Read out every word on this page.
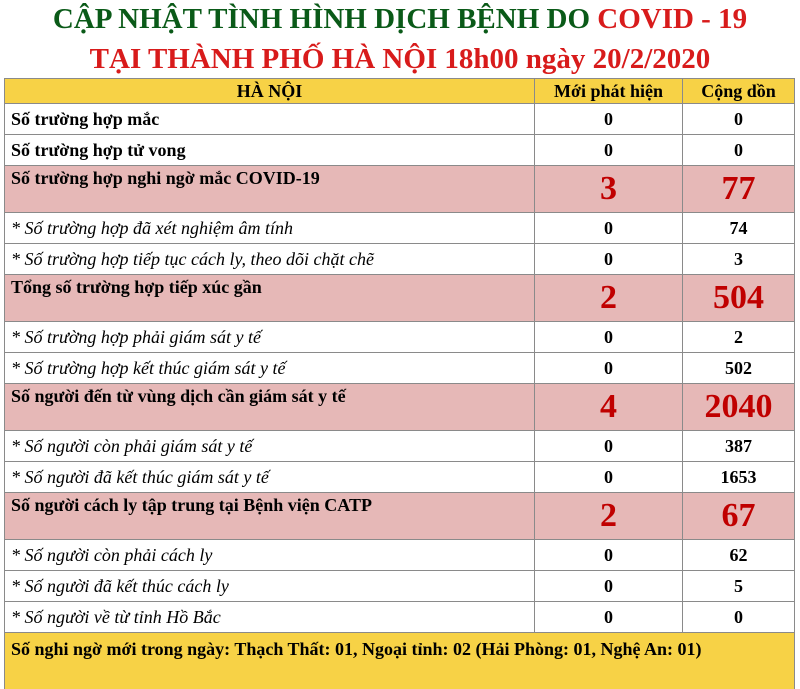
CẬP NHẬT TÌNH HÌNH DỊCH BỆNH DO COVID - 19
TẠI THÀNH PHỐ HÀ NỘI 18h00 ngày 20/2/2020
HÀ NỘI	Mới phát hiện	Cộng dồn
Số trường hợp mắc	0	0
Số trường hợp tử vong	0	0
Số trường hợp nghi ngờ mắc COVID-19	3	77
* Số trường hợp đã xét nghiệm âm tính	0	74
* Số trường hợp tiếp tục cách ly, theo dõi chặt chẽ	0	3
Tổng số trường hợp tiếp xúc gần	2	504
* Số trường hợp phải giám sát y tế	0	2
* Số trường hợp kết thúc giám sát y tế	0	502
Số người đến từ vùng dịch cần giám sát y tế	4	2040
* Số người còn phải giám sát y tế	0	387
* Số người đã kết thúc giám sát y tế	0	1653
Số người cách ly tập trung tại Bệnh viện CATP	2	67
* Số người còn phải cách ly	0	62
* Số người đã kết thúc cách ly	0	5
* Số người về từ tỉnh Hồ Bắc	0	0
Số nghi ngờ mới trong ngày: Thạch Thất: 01, Ngoại tỉnh: 02 (Hải Phòng: 01, Nghệ An: 01)		
